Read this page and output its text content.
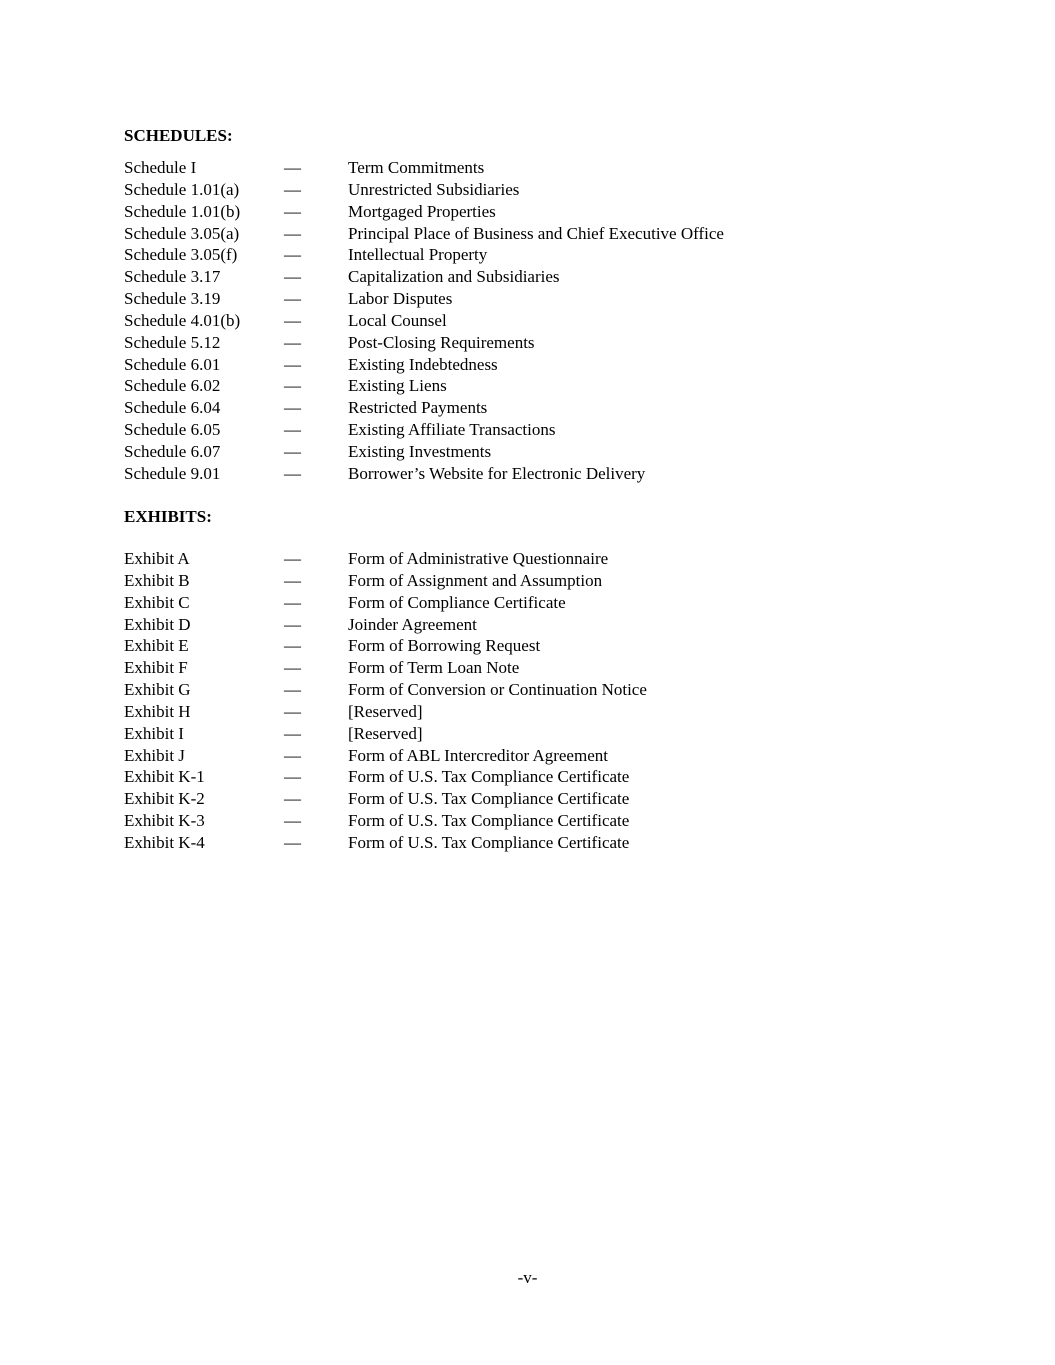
SCHEDULES:
Schedule I	—	Term Commitments
Schedule 1.01(a)	—	Unrestricted Subsidiaries
Schedule 1.01(b)	—	Mortgaged Properties
Schedule 3.05(a)	—	Principal Place of Business and Chief Executive Office
Schedule 3.05(f)	—	Intellectual Property
Schedule 3.17	—	Capitalization and Subsidiaries
Schedule 3.19	—	Labor Disputes
Schedule 4.01(b)	—	Local Counsel
Schedule 5.12	—	Post-Closing Requirements
Schedule 6.01	—	Existing Indebtedness
Schedule 6.02	—	Existing Liens
Schedule 6.04	—	Restricted Payments
Schedule 6.05	—	Existing Affiliate Transactions
Schedule 6.07	—	Existing Investments
Schedule 9.01	—	Borrower’s Website for Electronic Delivery
EXHIBITS:
Exhibit A	—	Form of Administrative Questionnaire
Exhibit B	—	Form of Assignment and Assumption
Exhibit C	—	Form of Compliance Certificate
Exhibit D	—	Joinder Agreement
Exhibit E	—	Form of Borrowing Request
Exhibit F	—	Form of Term Loan Note
Exhibit G	—	Form of Conversion or Continuation Notice
Exhibit H	—	[Reserved]
Exhibit I	—	[Reserved]
Exhibit J	—	Form of ABL Intercreditor Agreement
Exhibit K-1	—	Form of U.S. Tax Compliance Certificate
Exhibit K-2	—	Form of U.S. Tax Compliance Certificate
Exhibit K-3	—	Form of U.S. Tax Compliance Certificate
Exhibit K-4	—	Form of U.S. Tax Compliance Certificate
-v-
